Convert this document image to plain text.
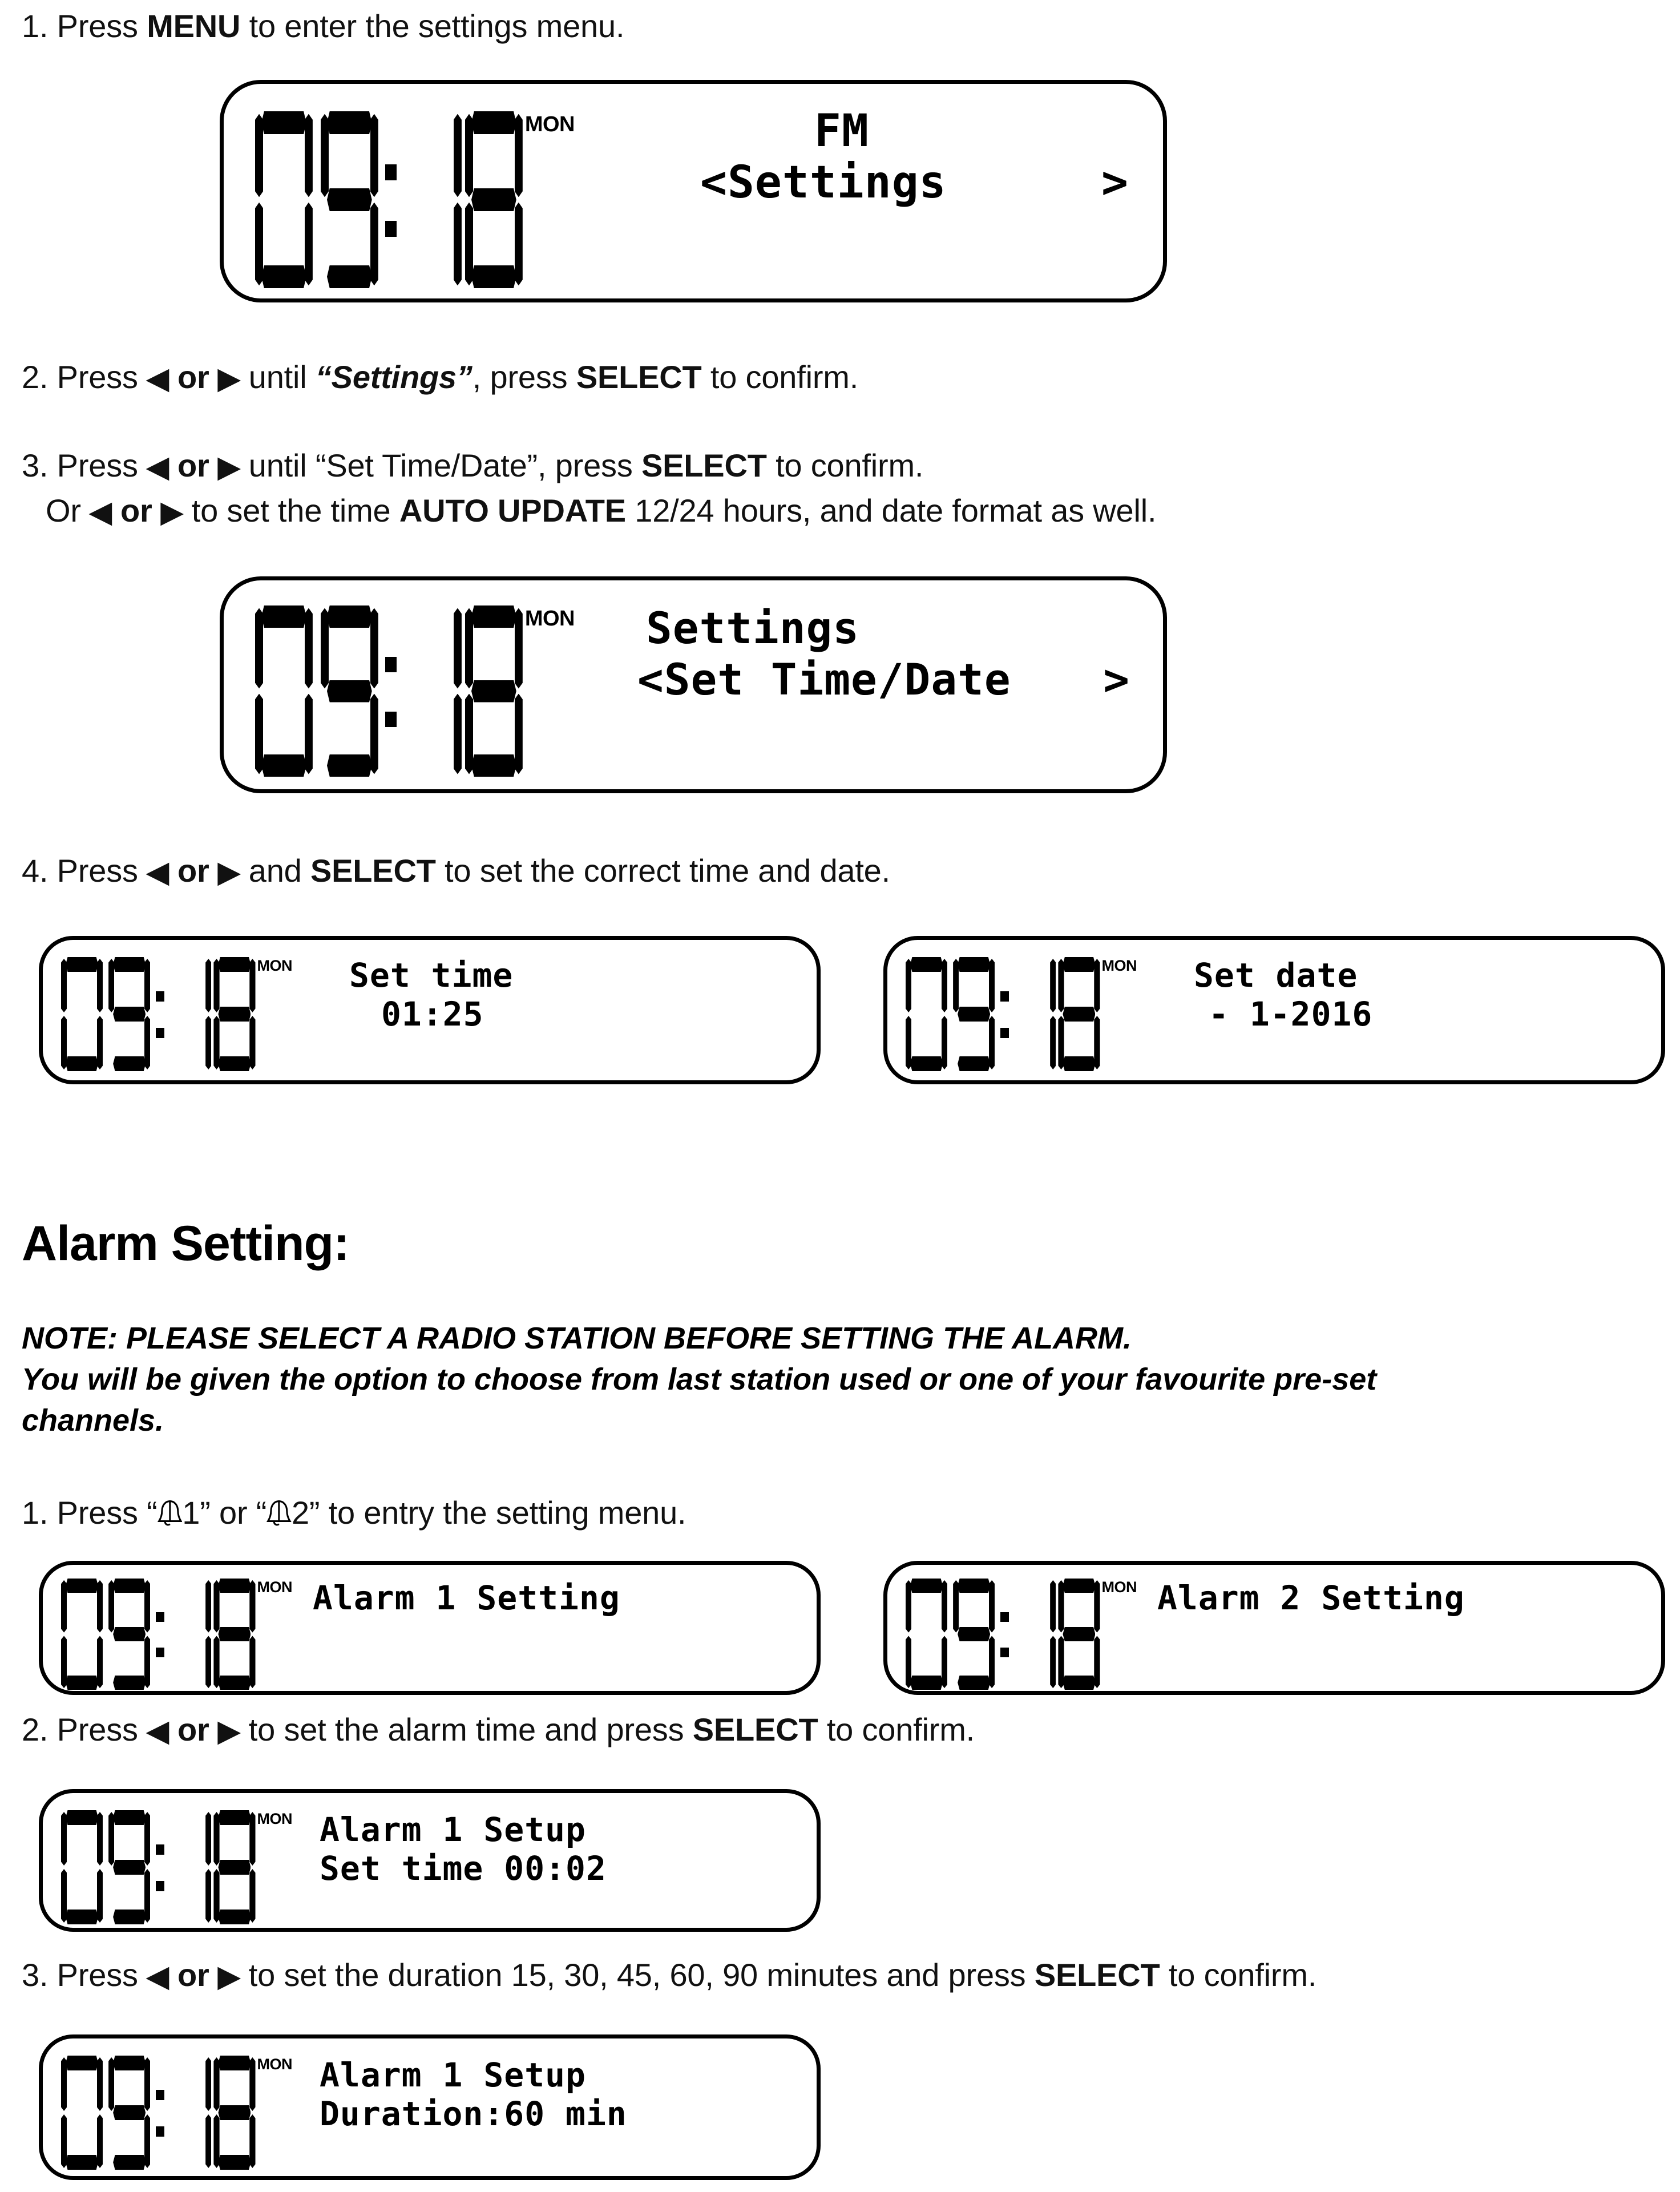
1. Press MENU to enter the settings menu.
MON	FM
<Settings	>
2. Press ◀ or ▶ until “Settings”, press SELECT to confirm.
3. Press ◀ or ▶ until “Set Time/Date”, press SELECT to confirm.
Or ◀ or ▶ to set the time AUTO UPDATE 12/24 hours, and date format as well.
MON Settings
<Set Time/Date >
4. Press ◀ or ▶ and SELECT to set the correct time and date.
MON Set time
01:25
MON Set date
- 1-2016
Alarm Setting:
NOTE: PLEASE SELECT A RADIO STATION BEFORE SETTING THE ALARM.
You will be given the option to choose from last station used or one of your favourite pre-set
channels.
1. Press “ 1” or “ 2” to entry the setting menu.
MON Alarm 1 Setting	MON Alarm 2 Setting
2. Press ◀ or ▶ to set the alarm time and press SELECT to confirm.
MON Alarm 1 Setup
Set time 00:02
3. Press ◀ or ▶ to set the duration 15, 30, 45, 60, 90 minutes and press SELECT to confirm.
MON Alarm 1 Setup
Duration:60 min
